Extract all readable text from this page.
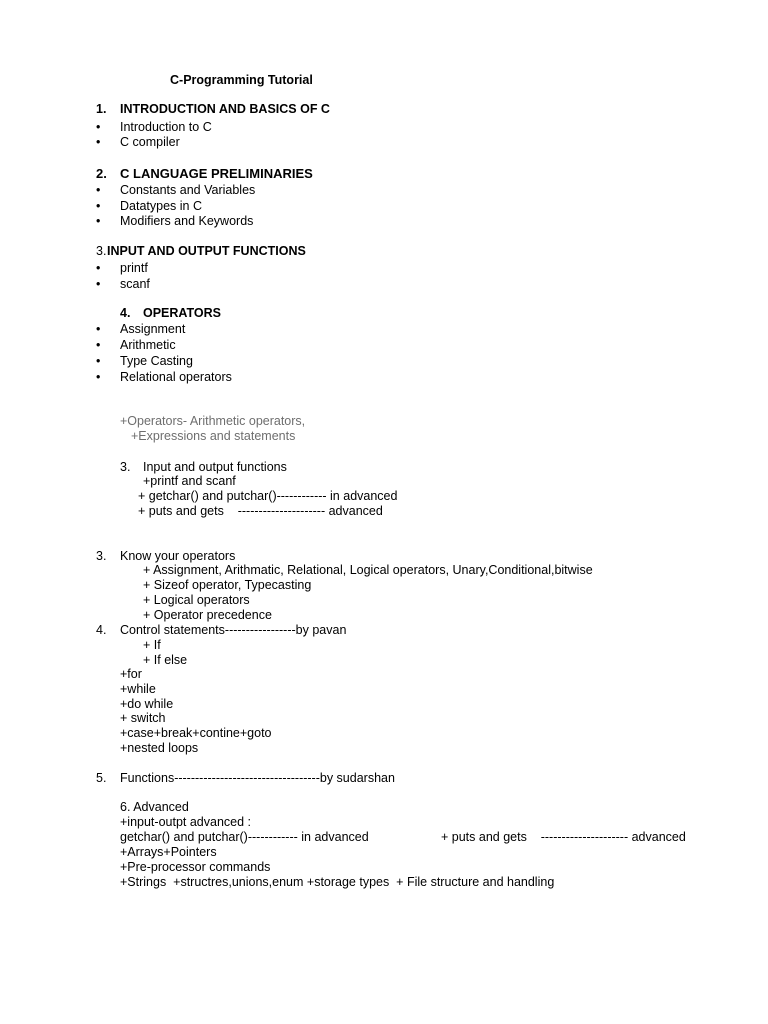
C-Programming Tutorial
1. INTRODUCTION AND BASICS OF C
• Introduction to C
• C compiler
2. C LANGUAGE PRELIMINARIES
• Constants and Variables
• Datatypes in C
• Modifiers and Keywords
3. INPUT AND OUTPUT FUNCTIONS
• printf
• scanf
4. OPERATORS
• Assignment
• Arithmetic
• Type Casting
• Relational operators
+Operators- Arithmetic operators,
+Expressions and statements
3. Input and output functions
+printf and scanf
+ getchar() and putchar()------------ in advanced
+ puts and gets    --------------------- advanced
3. Know your operators
+ Assignment, Arithmatic, Relational, Logical operators, Unary,Conditional,bitwise
+ Sizeof operator, Typecasting
+ Logical operators
+ Operator precedence
4. Control statements-----------------by pavan
+ If
+ If else
+for
+while
+do while
+ switch
+case+break+contine+goto
+nested loops
5. Functions-----------------------------------by sudarshan
6. Advanced
+input-outpt advanced :
getchar() and putchar()------------ in advanced	+ puts and gets    --------------------- advanced
+Arrays+Pointers
+Pre-processor commands
+Strings  +structres,unions,enum +storage types  + File structure and handling
